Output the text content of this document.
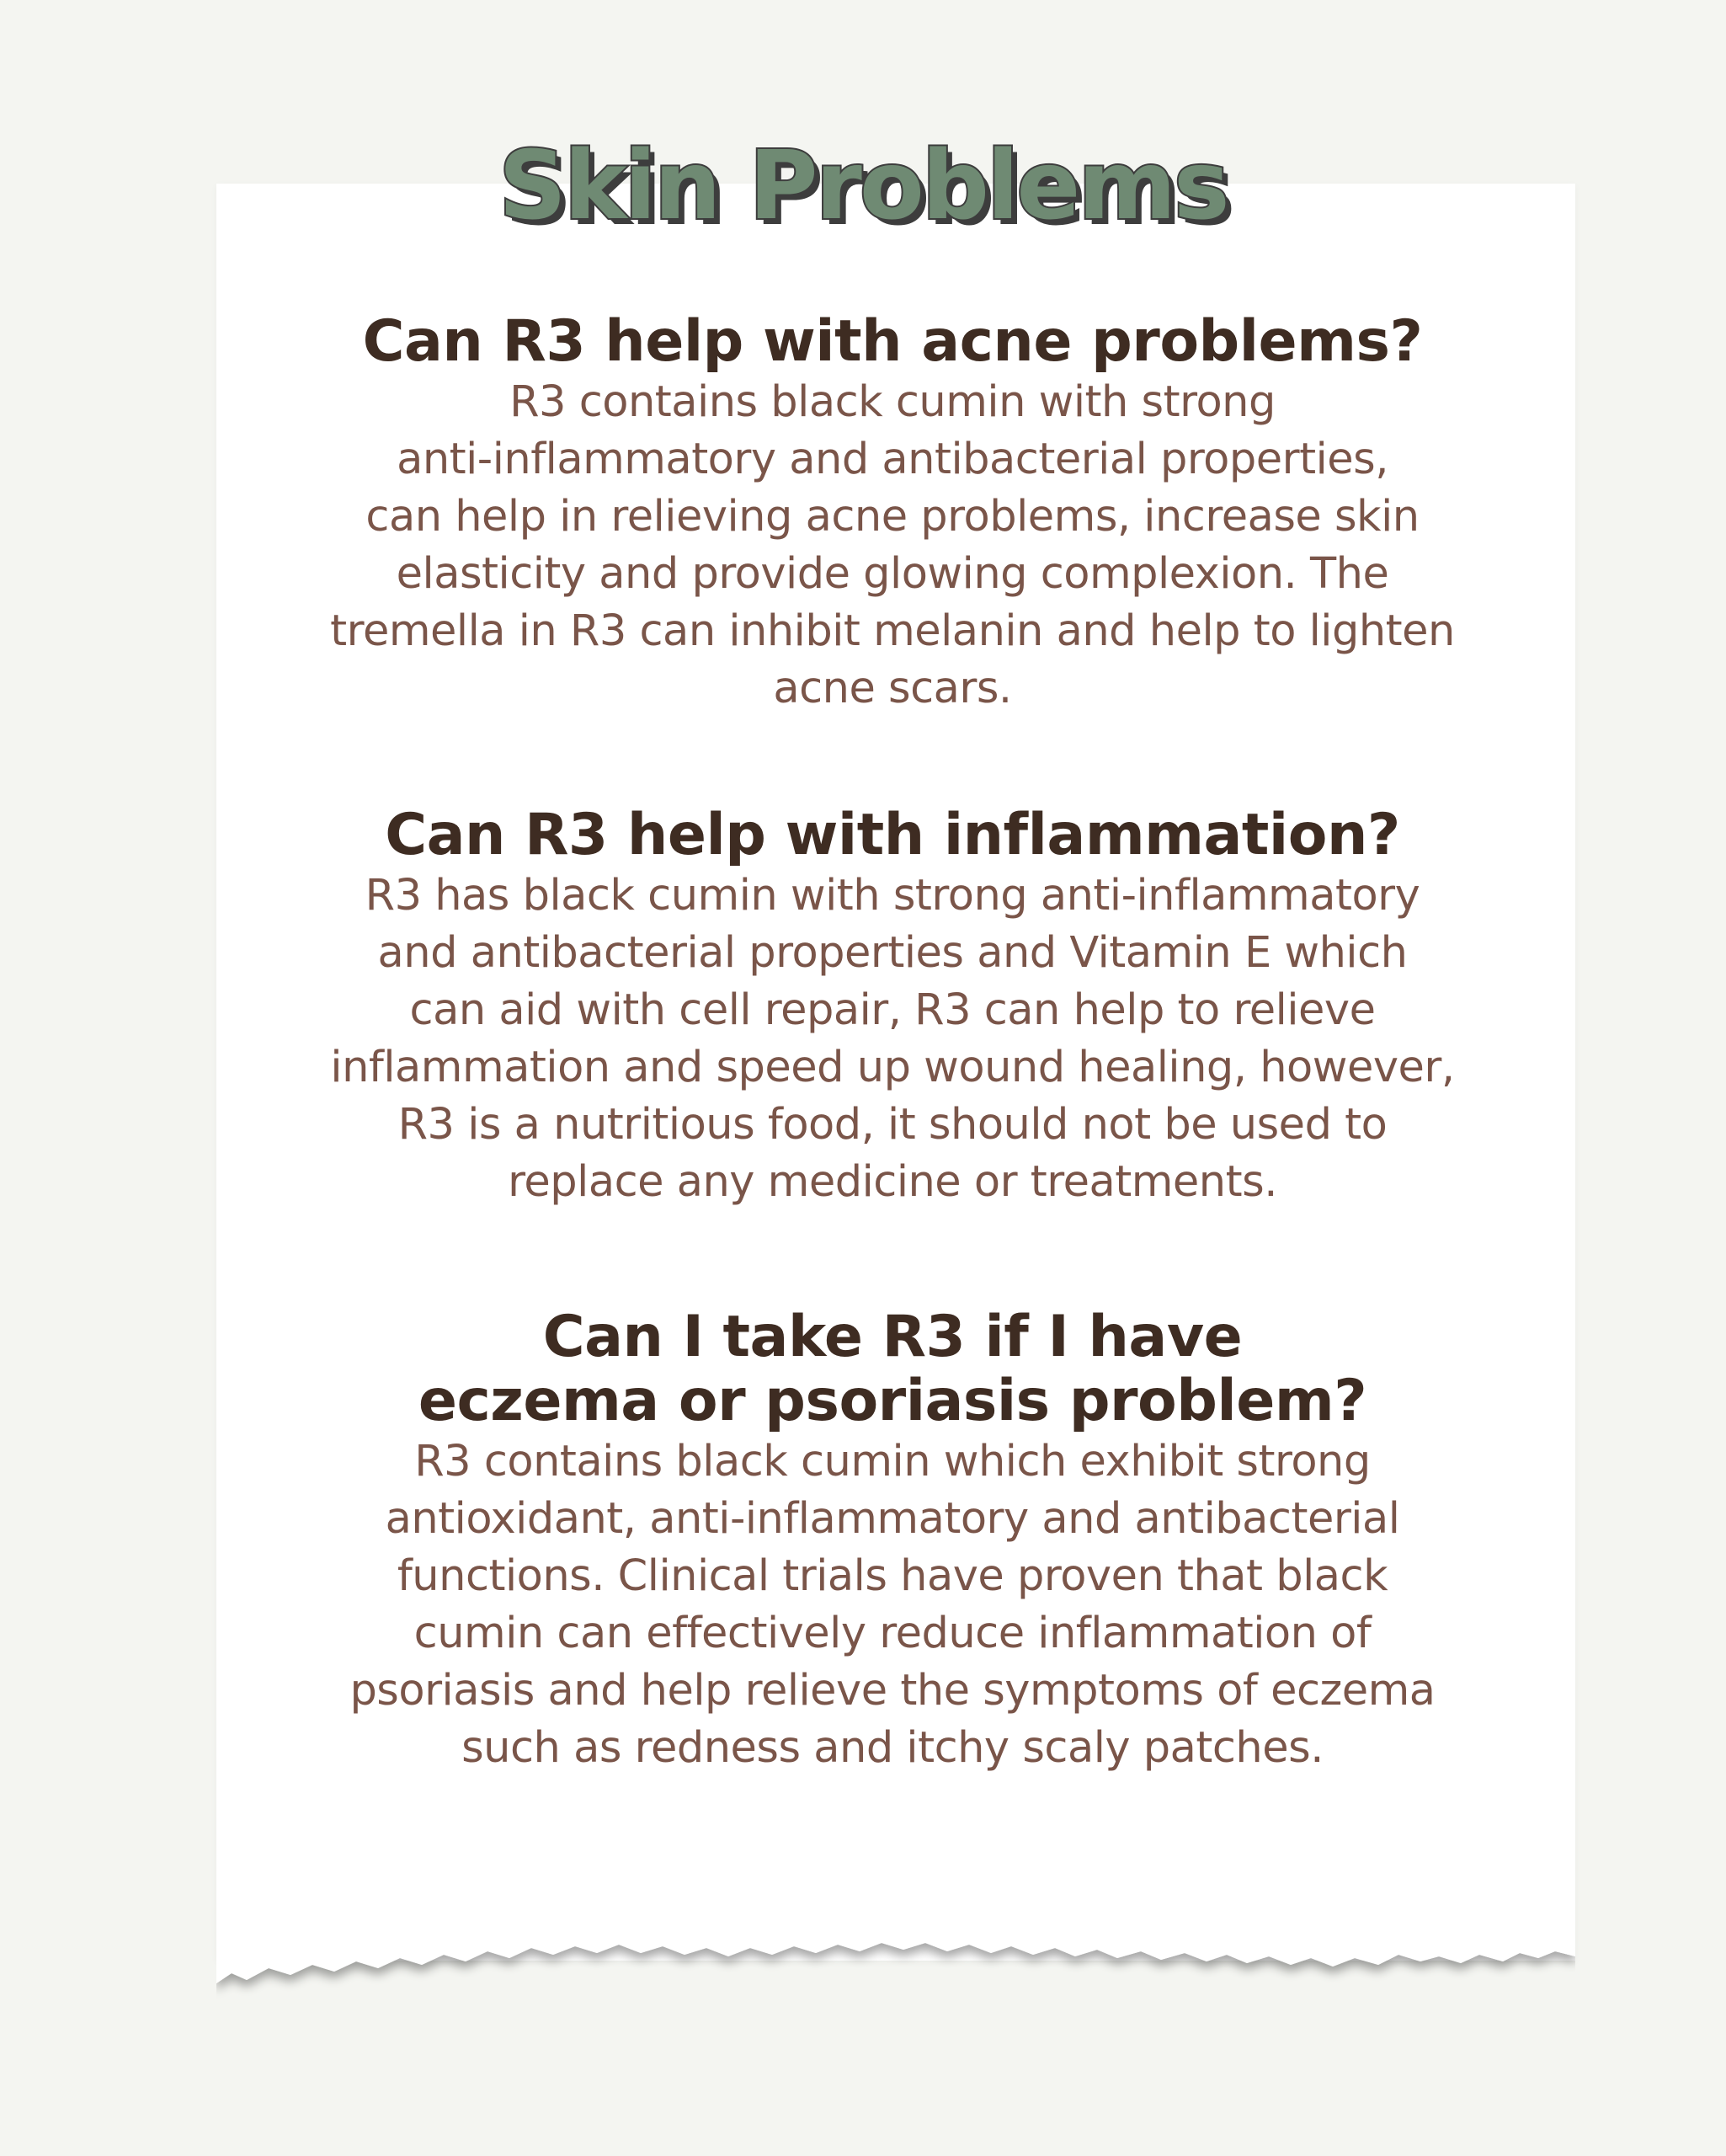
Skin Problems
Can R3 help with acne problems?

R3 contains black cumin with strong
anti-inflammatory and antibacterial properties,
can help in relieving acne problems, increase skin
elasticity and provide glowing complexion. The
tremella in R3 can inhibit melanin and help to lighten
acne scars.

Can R3 help with inflammation?

R3 has black cumin with strong anti-inflammatory
and antibacterial properties and Vitamin E which
can aid with cell repair, R3 can help to relieve
inflammation and speed up wound healing, however,
R3 is a nutritious food, it should not be used to
replace any medicine or treatments.

Can I take R3 if I have
eczema or psoriasis problem?

R3 contains black cumin which exhibit strong
antioxidant, anti-inflammatory and antibacterial
functions. Clinical trials have proven that black
cumin can effectively reduce inflammation of
psoriasis and help relieve the symptoms of eczema
such as redness and itchy scaly patches.
